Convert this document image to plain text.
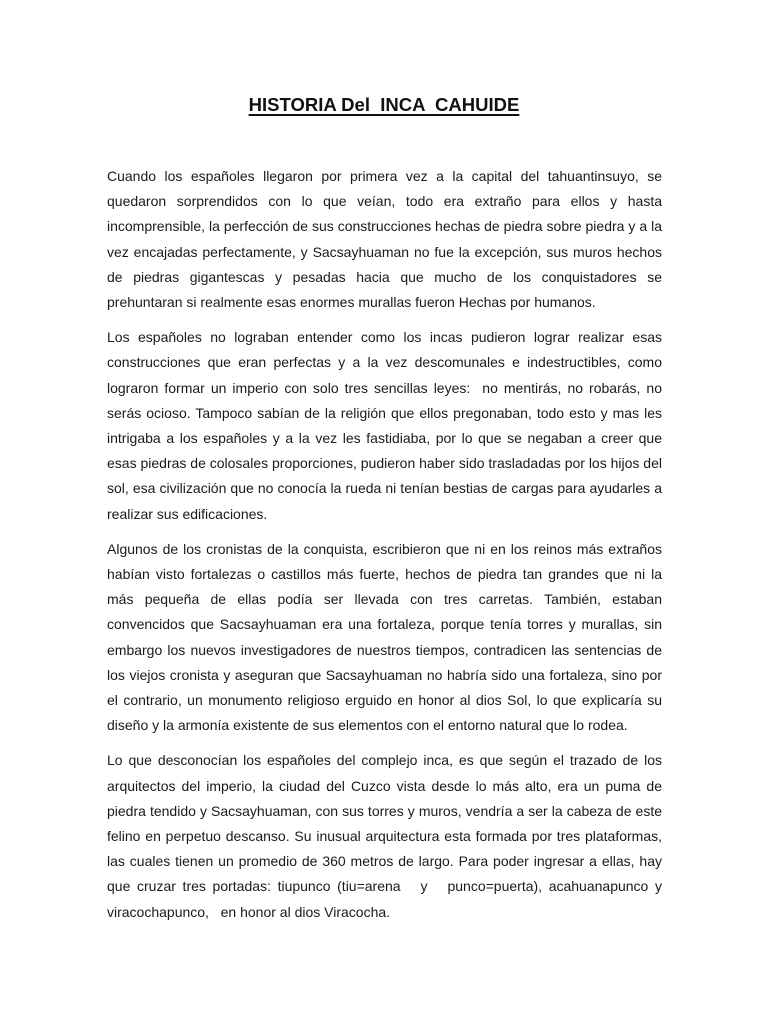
HISTORIA Del  INCA  CAHUIDE

Cuando los españoles llegaron por primera vez a la capital del tahuantinsuyo, se quedaron sorprendidos con lo que veían, todo era extraño para ellos y hasta incomprensible, la perfección de sus construcciones hechas de piedra sobre piedra y a la vez encajadas perfectamente, y Sacsayhuaman no fue la excepción, sus muros hechos de piedras gigantescas y pesadas hacia que mucho de los conquistadores se prehuntaran si realmente esas enormes murallas fueron Hechas por humanos.

Los españoles no lograban entender como los incas pudieron lograr realizar esas construcciones que eran perfectas y a la vez descomunales e indestructibles, como lograron formar un imperio con solo tres sencillas leyes:  no mentirás, no robarás, no serás ocioso. Tampoco sabían de la religión que ellos pregonaban, todo esto y mas les intrigaba a los españoles y a la vez les fastidiaba, por lo que se negaban a creer que esas piedras de colosales proporciones, pudieron haber sido trasladadas por los hijos del sol, esa civilización que no conocía la rueda ni tenían bestias de cargas para ayudarles a realizar sus edificaciones.

Algunos de los cronistas de la conquista, escribieron que ni en los reinos más extraños habían visto fortalezas o castillos más fuerte, hechos de piedra tan grandes que ni la más pequeña de ellas podía ser llevada con tres carretas. También, estaban convencidos que Sacsayhuaman era una fortaleza, porque tenía torres y murallas, sin embargo los nuevos investigadores de nuestros tiempos, contradicen las sentencias de los viejos cronista y aseguran que Sacsayhuaman no habría sido una fortaleza, sino por el contrario, un monumento religioso erguido en honor al dios Sol, lo que explicaría su diseño y la armonía existente de sus elementos con el entorno natural que lo rodea.

Lo que desconocían los españoles del complejo inca, es que según el trazado de los arquitectos del imperio, la ciudad del Cuzco vista desde lo más alto, era un puma de piedra tendido y Sacsayhuaman, con sus torres y muros, vendría a ser la cabeza de este felino en perpetuo descanso. Su inusual arquitectura esta formada por tres plataformas, las cuales tienen un promedio de 360 metros de largo. Para poder ingresar a ellas, hay que cruzar tres portadas: tiupunco (tiu=arena   y   punco=puerta), acahuanapunco y viracochapunco,   en honor al dios Viracocha.
